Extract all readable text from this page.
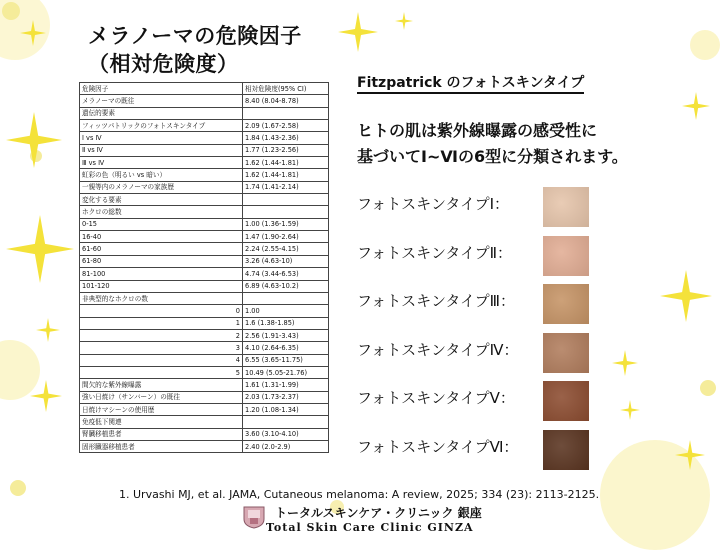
メラノーマの危険因子
（相対危険度）
危険因子	相対危険度(95% CI)
メラノーマの既往	8.40 (8.04-8.78)
遺伝的要素	
フィッツパトリックのフォトスキンタイプ	2.09 (1.67-2.58)
Ⅰ vs Ⅳ	1.84 (1.43-2.36)
Ⅱ vs Ⅳ	1.77 (1.23-2.56)
Ⅲ vs Ⅳ	1.62 (1.44-1.81)
虹彩の色（明るい vs 暗い）	1.62 (1.44-1.81)
一親等内のメラノーマの家族歴	1.74 (1.41-2.14)
変化する要素	
ホクロの総数	
0-15	1.00 (1.36-1.59)
16-40	1.47 (1.90-2.64)
61-60	2.24 (2.55-4.15)
61-80	3.26 (4.63-10)
81-100	4.74 (3.44-6.53)
101-120	6.89 (4.63-10.2)
非典型的なホクロの数	
0	1.00
1	1.6 (1.38-1.85)
2	2.56 (1.91-3.43)
3	4.10 (2.64-6.35)
4	6.55 (3.65-11.75)
5	10.49 (5.05-21.76)
間欠的な紫外線曝露	1.61 (1.31-1.99)
強い日焼け（サンバーン）の既往	2.03 (1.73-2.37)
日焼けマシーンの使用歴	1.20 (1.08-1.34)
免疫低下関連	
腎臓移植患者	3.60 (3.10-4.10)
固形臓器移植患者	2.40 (2.0-2.9)
Fitzpatrick のフォトスキンタイプ
ヒトの肌は紫外線曝露の感受性に
基づいてⅠ~Ⅵの6型に分類されます。
フォトスキンタイプⅠ：
フォトスキンタイプⅡ：
フォトスキンタイプⅢ：
フォトスキンタイプⅣ：
フォトスキンタイプⅤ：
フォトスキンタイプⅥ：
1. Urvashi MJ, et al. JAMA, Cutaneous melanoma: A review, 2025; 334 (23): 2113-2125.
トータルスキンケア・クリニック 銀座
Total Skin Care Clinic GINZA
